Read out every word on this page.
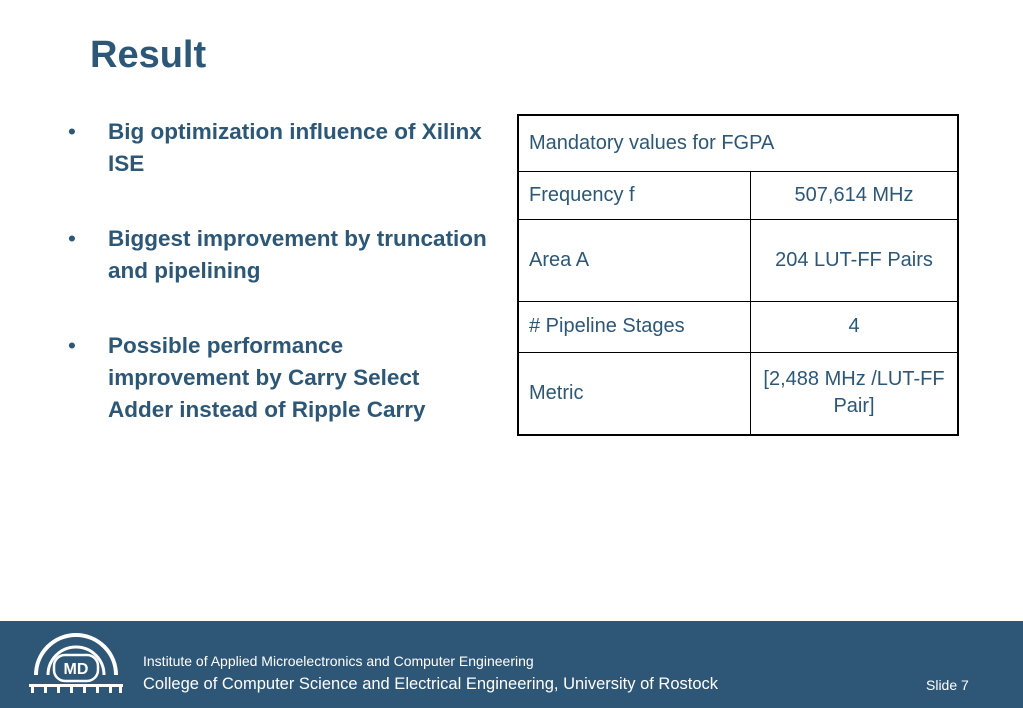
Result
• Big optimization influence of Xilinx ISE
• Biggest improvement by truncation and pipelining
• Possible performance improvement by Carry Select Adder instead of Ripple Carry
Mandatory values for FGPA	
Frequency f	507,614 MHz
Area A	204 LUT-FF Pairs
# Pipeline Stages	4
Metric	[2,488 MHz /LUT-FF Pair]
MD	Institute of Applied Microelectronics and Computer Engineering
College of Computer Science and Electrical Engineering, University of Rostock	Slide 7
